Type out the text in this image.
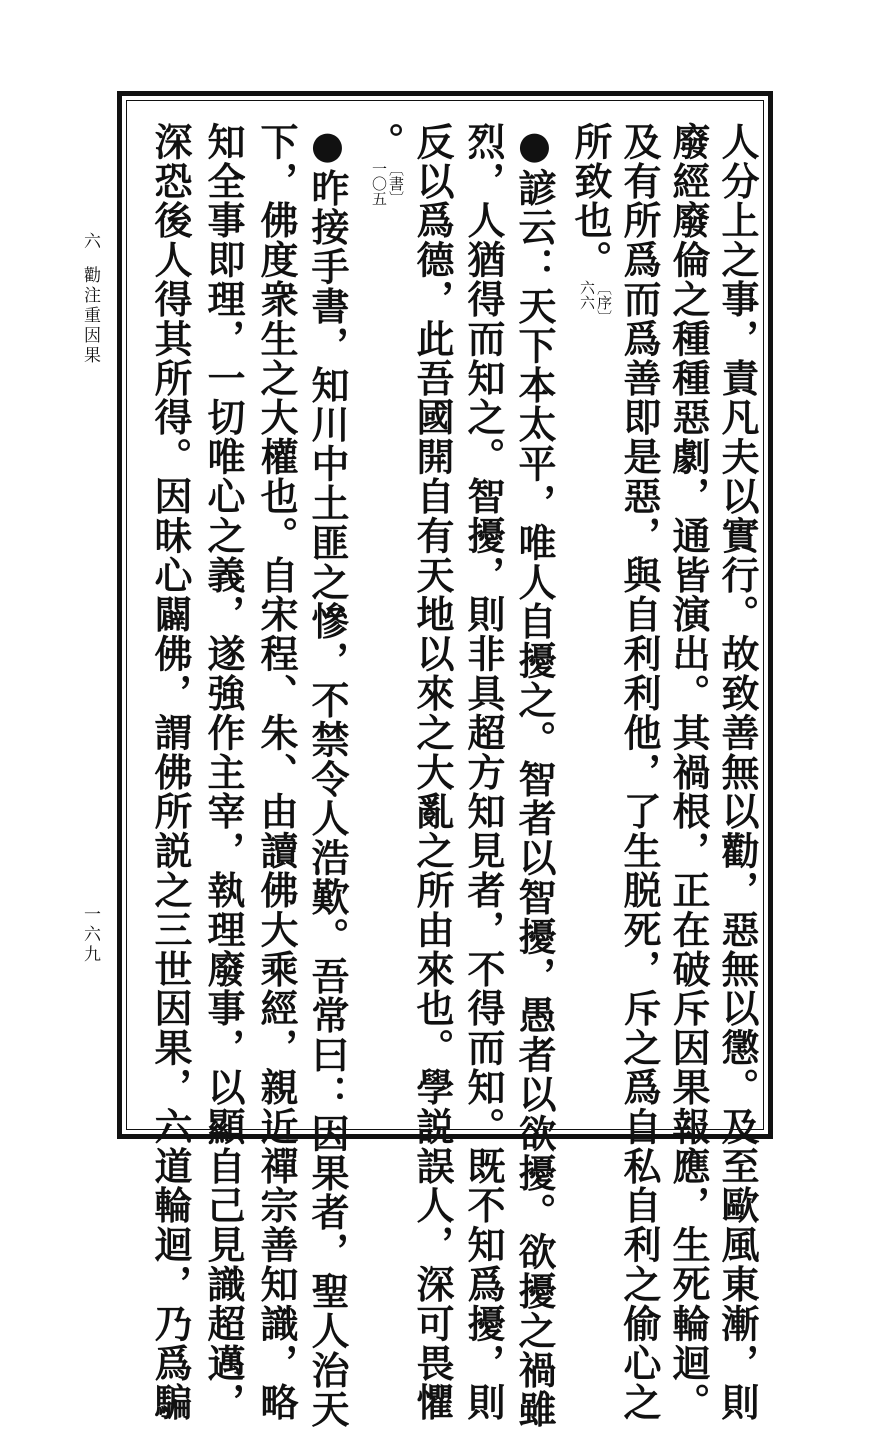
六
勸注重因果
一六九	人分上之事，責凡夫以實行。故致善無以勸，惡無以懲。及至歐風東漸，則
廢經廢倫之種種惡劇，通皆演出。其禍根，正在破斥因果報應，生死輪迴。
及有所爲而爲善即是惡，與自利利他，了生脱死，斥之爲自私自利之偷心之
所致也。
〔序〕
六六
●諺云：天下本太平，唯人自擾之。智者以智擾，愚者以欲擾。欲擾之禍雖
烈，人猶得而知之。智擾，則非具超方知見者，不得而知。既不知爲擾，則
反以爲德，此吾國開自有天地以來之大亂之所由來也。學説誤人，深可畏懼
。
〔書〕
一〇五
●昨接手書，知川中土匪之慘，不禁令人浩歎。吾常曰：因果者，聖人治天
下，佛度衆生之大權也。自宋程、朱、由讀佛大乘經，親近禪宗善知識，略
知全事即理，一切唯心之義，遂強作主宰，執理廢事，以顯自己見識超邁，
深恐後人得其所得。因昧心闢佛，謂佛所説之三世因果，六道輪迴，乃爲騙
